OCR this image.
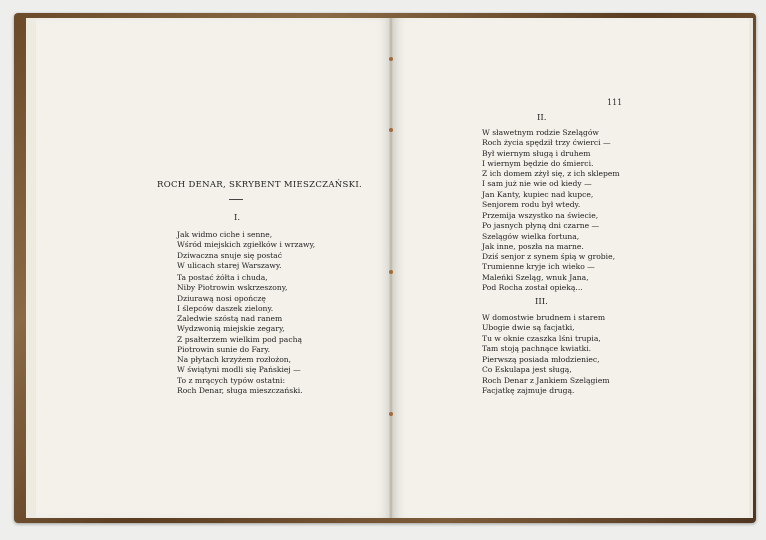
111
ROCH DENAR, SKRYBENT MIESZCZAŃSKI.
I.
Jak widmo ciche i senne,
Wśród miejskich zgiełków i wrzawy,
Dziwaczna snuje się postać
W ulicach starej Warszawy.
Ta postać żółta i chuda,
Niby Piotrowin wskrzeszony,
Dziurawą nosi opończę
I ślepców daszek zielony.
Zaledwie szóstą nad ranem
Wydzwonią miejskie zegary,
Z psałterzem wielkim pod pachą
Piotrowin sunie do Fary.
Na płytach krzyżem rozłożon,
W świątyni modli się Pańskiej —
To z mrących typów ostatni:
Roch Denar, sługa mieszczański.
II.
W sławetnym rodzie Szelągów
Roch życia spędził trzy ćwierci —
Był wiernym sługą i druhem
I wiernym będzie do śmierci.
Z ich domem zżył się, z ich sklepem
I sam już nie wie od kiedy —
Jan Kanty, kupiec nad kupce,
Senjorem rodu był wtedy.
Przemija wszystko na świecie,
Po jasnych płyną dni czarne —
Szelągów wielka fortuna,
Jak inne, poszła na marne.
Dziś senjor z synem śpią w grobie,
Trumienne kryje ich wieko —
Maleńki Szeląg, wnuk Jana,
Pod Rocha został opieką...
III.
W domostwie brudnem i starem
Ubogie dwie są facjatki,
Tu w oknie czaszka lśni trupia,
Tam stoją pachnące kwiatki.
Pierwszą posiada młodzieniec,
Co Eskulapa jest sługą,
Roch Denar z Jankiem Szelągiem
Facjatkę zajmuje drugą.
